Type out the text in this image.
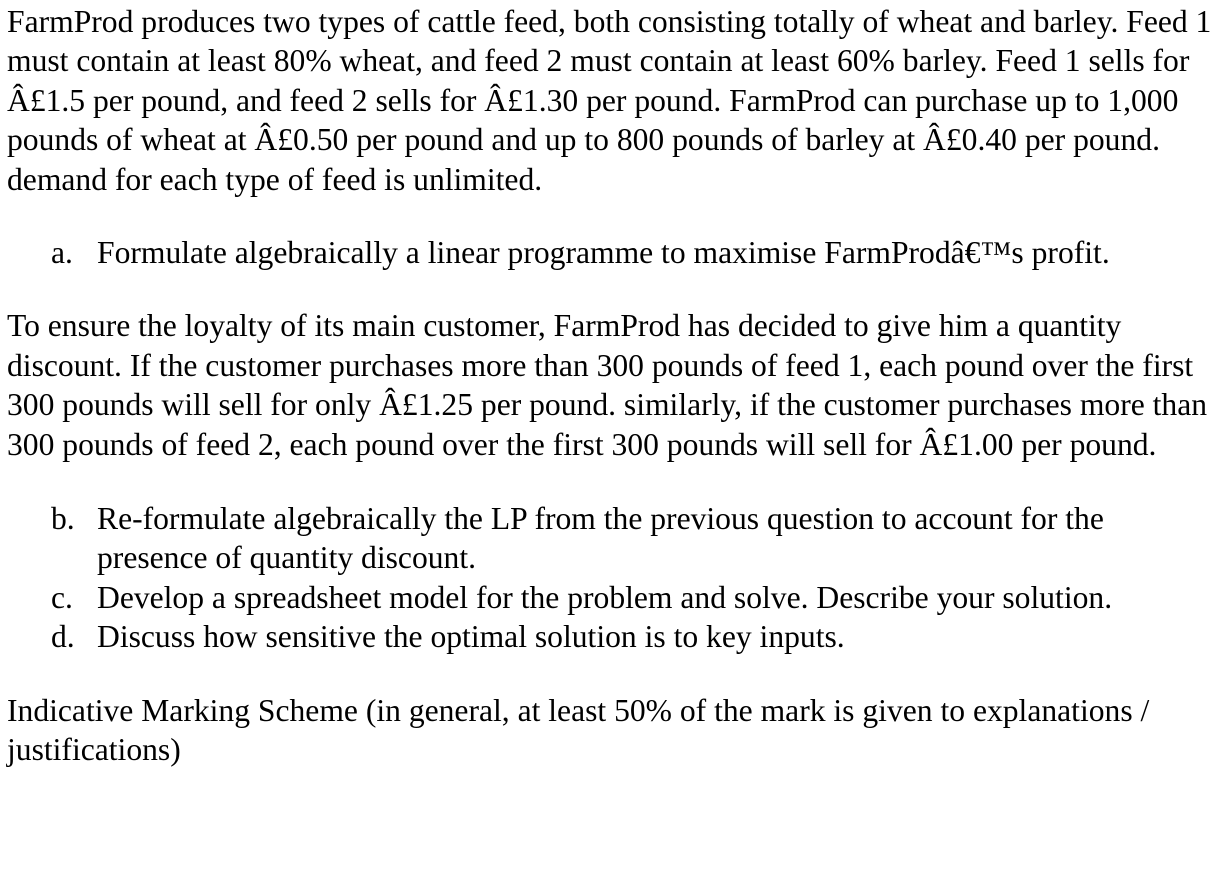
FarmProd produces two types of cattle feed, both consisting totally of wheat and barley. Feed 1 must contain at least 80% wheat, and feed 2 must contain at least 60% barley. Feed 1 sells for Â£1.5 per pound, and feed 2 sells for Â£1.30 per pound. FarmProd can purchase up to 1,000 pounds of wheat at Â£0.50 per pound and up to 800 pounds of barley at Â£0.40 per pound. demand for each type of feed is unlimited.

a. Formulate algebraically a linear programme to maximise FarmProdâ€™s profit.

To ensure the loyalty of its main customer, FarmProd has decided to give him a quantity discount. If the customer purchases more than 300 pounds of feed 1, each pound over the first 300 pounds will sell for only Â£1.25 per pound. similarly, if the customer purchases more than 300 pounds of feed 2, each pound over the first 300 pounds will sell for Â£1.00 per pound.

b. Re-formulate algebraically the LP from the previous question to account for the presence of quantity discount.
c. Develop a spreadsheet model for the problem and solve. Describe your solution.
d. Discuss how sensitive the optimal solution is to key inputs.

Indicative Marking Scheme (in general, at least 50% of the mark is given to explanations / justifications)
